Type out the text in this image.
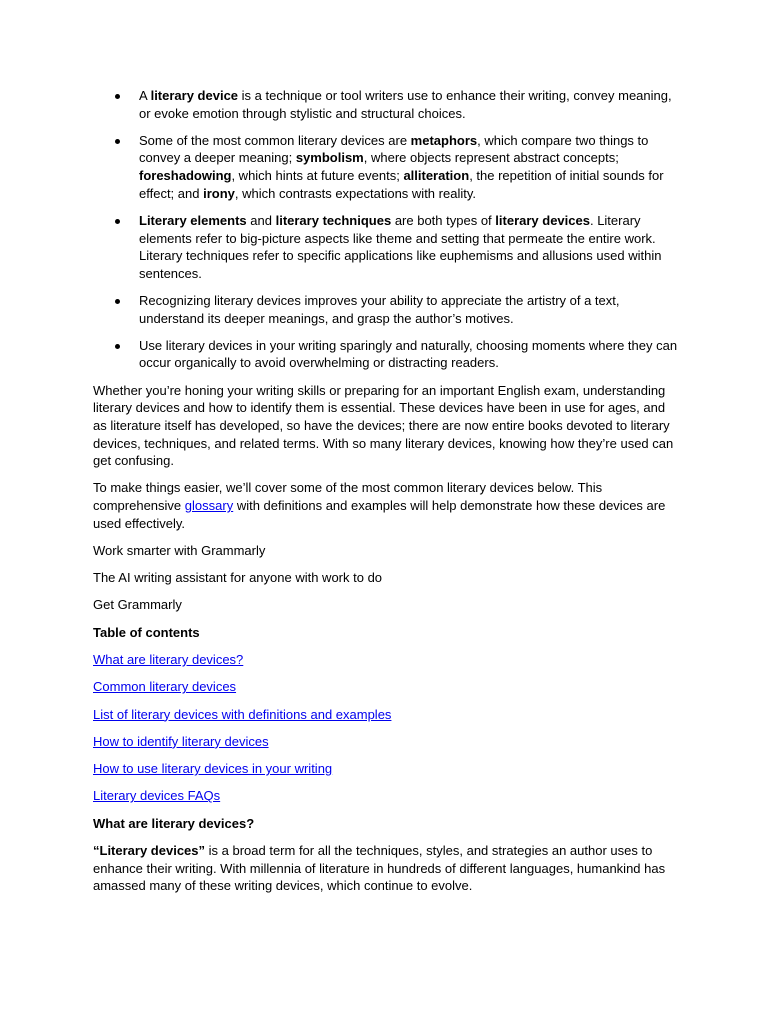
A literary device is a technique or tool writers use to enhance their writing, convey meaning, or evoke emotion through stylistic and structural choices.
Some of the most common literary devices are metaphors, which compare two things to convey a deeper meaning; symbolism, where objects represent abstract concepts; foreshadowing, which hints at future events; alliteration, the repetition of initial sounds for effect; and irony, which contrasts expectations with reality.
Literary elements and literary techniques are both types of literary devices. Literary elements refer to big-picture aspects like theme and setting that permeate the entire work. Literary techniques refer to specific applications like euphemisms and allusions used within sentences.
Recognizing literary devices improves your ability to appreciate the artistry of a text, understand its deeper meanings, and grasp the author’s motives.
Use literary devices in your writing sparingly and naturally, choosing moments where they can occur organically to avoid overwhelming or distracting readers.

Whether you’re honing your writing skills or preparing for an important English exam, understanding literary devices and how to identify them is essential. These devices have been in use for ages, and as literature itself has developed, so have the devices; there are now entire books devoted to literary devices, techniques, and related terms. With so many literary devices, knowing how they’re used can get confusing.

To make things easier, we’ll cover some of the most common literary devices below. This comprehensive glossary with definitions and examples will help demonstrate how these devices are used effectively.

Work smarter with Grammarly

The AI writing assistant for anyone with work to do

Get Grammarly

Table of contents

What are literary devices?

Common literary devices

List of literary devices with definitions and examples

How to identify literary devices

How to use literary devices in your writing

Literary devices FAQs

What are literary devices?

“Literary devices” is a broad term for all the techniques, styles, and strategies an author uses to enhance their writing. With millennia of literature in hundreds of different languages, humankind has amassed many of these writing devices, which continue to evolve.
